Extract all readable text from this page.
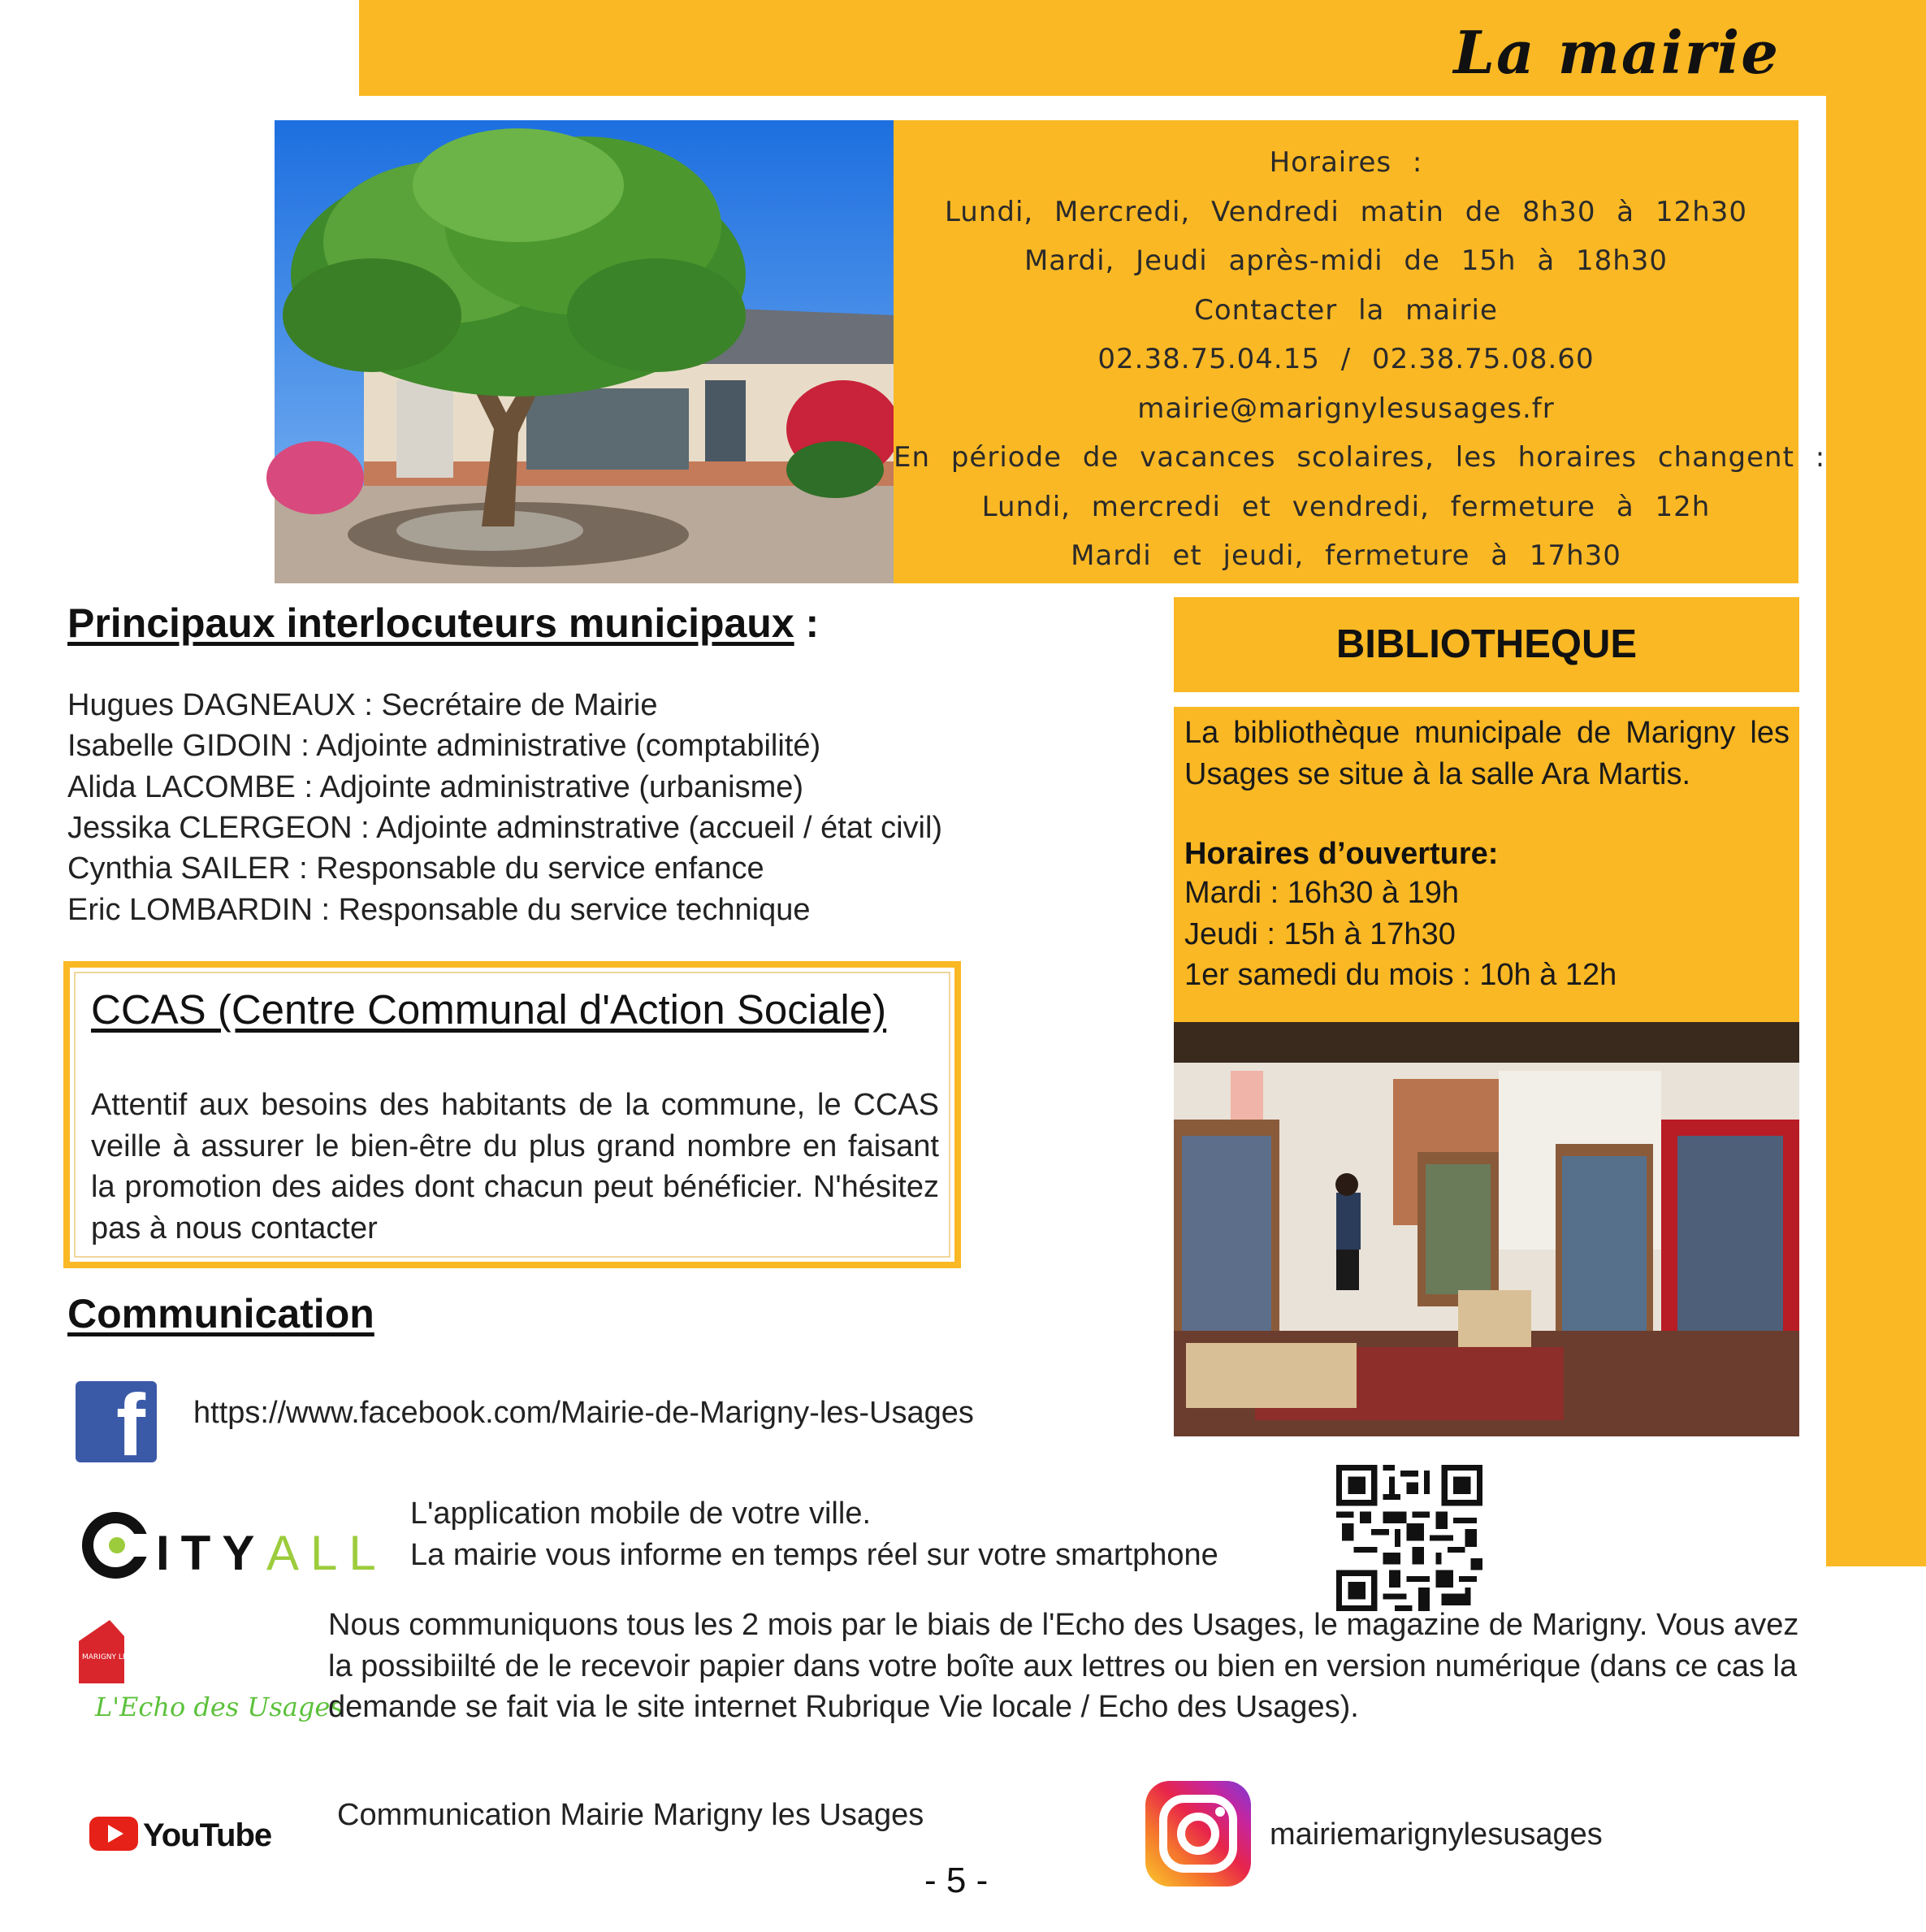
La mairie
Horaires :
Lundi, Mercredi, Vendredi matin de 8h30 à 12h30
Mardi, Jeudi après-midi de 15h à 18h30
Contacter la mairie
02.38.75.04.15 / 02.38.75.08.60
mairie@marignylesusages.fr
En période de vacances scolaires, les horaires changent :
Lundi, mercredi et vendredi, fermeture à 12h
Mardi et jeudi, fermeture à 17h30
Principaux interlocuteurs municipaux :
Hugues DAGNEAUX : Secrétaire de Mairie
Isabelle GIDOIN : Adjointe administrative (comptabilité)
Alida LACOMBE : Adjointe administrative (urbanisme)
Jessika CLERGEON : Adjointe adminstrative (accueil / état civil)
Cynthia SAILER : Responsable du service enfance
Eric LOMBARDIN : Responsable du service technique
CCAS (Centre Communal d'Action Sociale)
Attentif aux besoins des habitants de la commune, le CCAS veille à assurer le bien-être du plus grand nombre en faisant la promotion des aides dont chacun peut bénéficier. N'hésitez pas à nous contacter
Communication
f https://www.facebook.com/Mairie-de-Marigny-les-Usages
ITY ALL
L'application mobile de votre ville.
La mairie vous informe en temps réel sur votre smartphone
MARIGNY LES USAGES
L'Echo des Usages
Nous communiquons tous les 2 mois par le biais de l'Echo des Usages, le magazine de Marigny. Vous avez la possibiilté de le recevoir papier dans votre boîte aux lettres ou bien en version numérique (dans ce cas la demande se fait via le site internet Rubrique Vie locale / Echo des Usages).
YouTube
Communication Mairie Marigny les Usages
mairiemarignylesusages
BIBLIOTHEQUE
La bibliothèque municipale de Marigny les Usages se situe à la salle Ara Martis.
Horaires d’ouverture:
Mardi : 16h30 à 19h
Jeudi : 15h à 17h30
1er samedi du mois : 10h à 12h
- 5 -
